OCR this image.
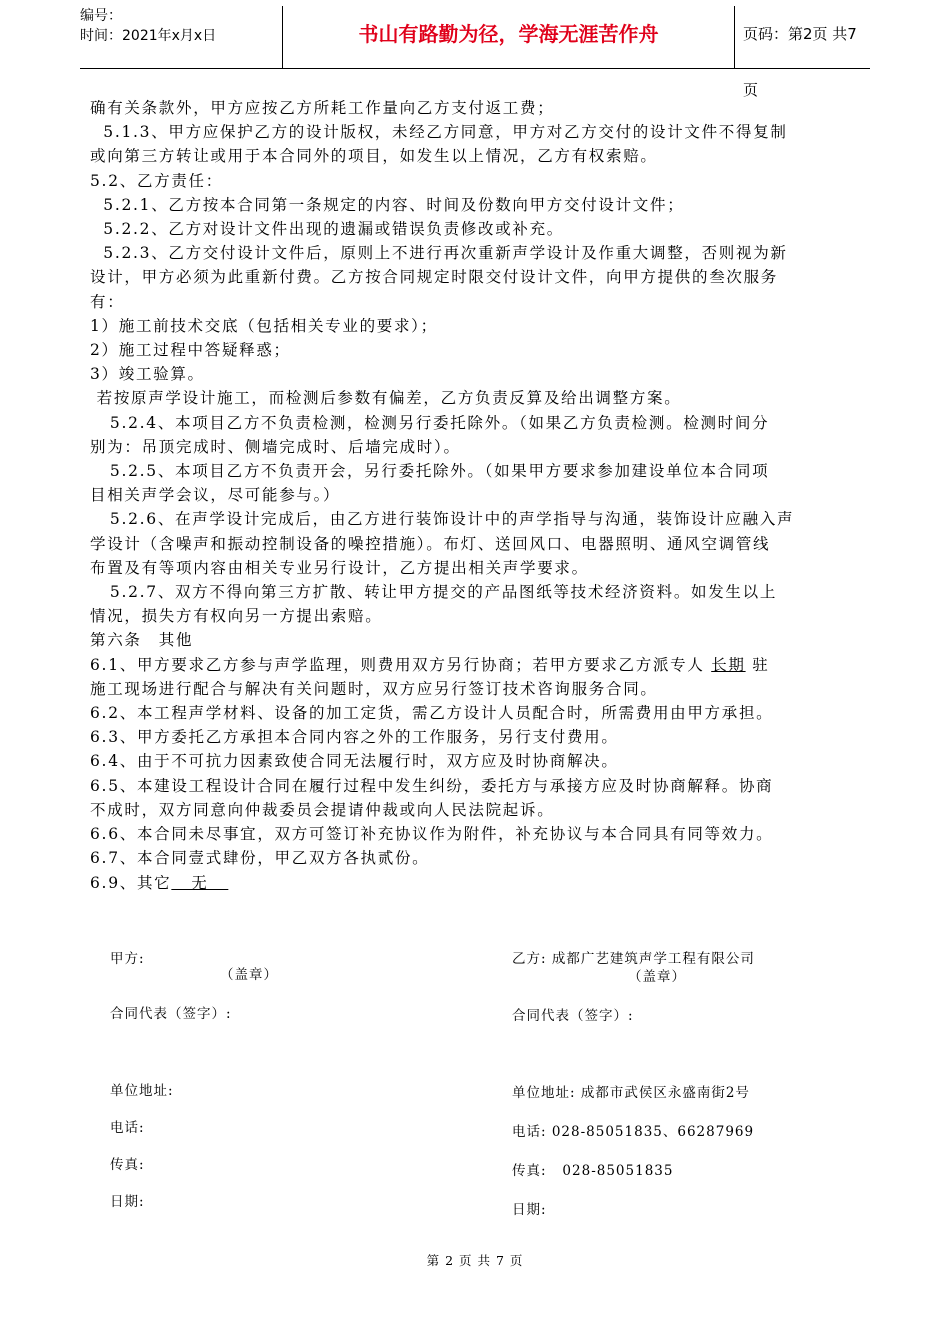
编号：
时间：2021年x月x日	书山有路勤为径，学海无涯苦作舟	页码：第2页 共7页
确有关条款外，甲方应按乙方所耗工作量向乙方支付返工费；
5.1.3、甲方应保护乙方的设计版权，未经乙方同意，甲方对乙方交付的设计文件不得复制
或向第三方转让或用于本合同外的项目，如发生以上情况，乙方有权索赔。
5.2、乙方责任：
5.2.1、乙方按本合同第一条规定的内容、时间及份数向甲方交付设计文件；
5.2.2、乙方对设计文件出现的遗漏或错误负责修改或补充。
5.2.3、乙方交付设计文件后，原则上不进行再次重新声学设计及作重大调整，否则视为新
设计，甲方必须为此重新付费。乙方按合同规定时限交付设计文件，向甲方提供的叁次服务
有：
1）施工前技术交底（包括相关专业的要求）；
2）施工过程中答疑释惑；
3）竣工验算。
若按原声学设计施工，而检测后参数有偏差，乙方负责反算及给出调整方案。
5.2.4、本项目乙方不负责检测，检测另行委托除外。（如果乙方负责检测。检测时间分
别为：吊顶完成时、侧墙完成时、后墙完成时）。
5.2.5、本项目乙方不负责开会，另行委托除外。（如果甲方要求参加建设单位本合同项
目相关声学会议，尽可能参与。）
5.2.6、在声学设计完成后，由乙方进行装饰设计中的声学指导与沟通，装饰设计应融入声
学设计（含噪声和振动控制设备的噪控措施）。布灯、送回风口、电器照明、通风空调管线
布置及有等项内容由相关专业另行设计，乙方提出相关声学要求。
5.2.7、双方不得向第三方扩散、转让甲方提交的产品图纸等技术经济资料。如发生以上
情况，损失方有权向另一方提出索赔。
第六条　其他
6.1、甲方要求乙方参与声学监理，则费用双方另行协商；若甲方要求乙方派专人 长期 驻
施工现场进行配合与解决有关问题时，双方应另行签订技术咨询服务合同。
6.2、本工程声学材料、设备的加工定货，需乙方设计人员配合时，所需费用由甲方承担。
6.3、甲方委托乙方承担本合同内容之外的工作服务，另行支付费用。
6.4、由于不可抗力因素致使合同无法履行时，双方应及时协商解决。
6.5、本建设工程设计合同在履行过程中发生纠纷，委托方与承接方应及时协商解释。协商
不成时，双方同意向仲裁委员会提请仲裁或向人民法院起诉。
6.6、本合同未尽事宜，双方可签订补充协议作为附件，补充协议与本合同具有同等效力。
6.7、本合同壹式肆份，甲乙双方各执贰份。
6.9、其它   无
甲方:
（盖章）
合同代表（签字）:
单位地址:
电话:
传真:
日期:
乙方: 成都广艺建筑声学工程有限公司
（盖章）
合同代表（签字）:
单位地址: 成都市武侯区永盛南街2号
电话: 028-85051835、66287969
传真:   028-85051835
日期:
第 2 页 共 7 页
